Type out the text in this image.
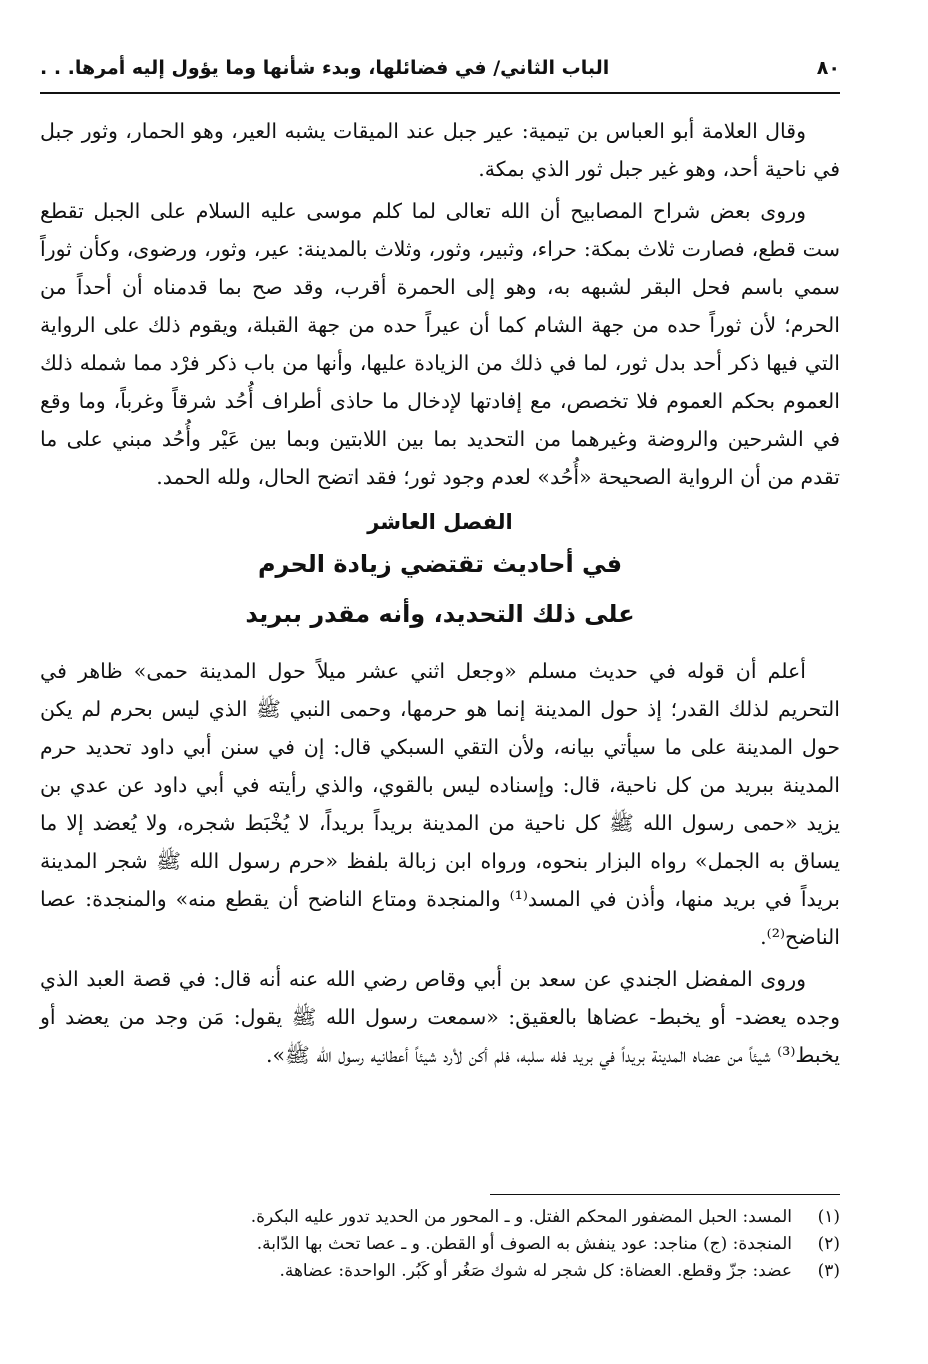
٨٠
الباب الثاني/ في فضائلها، وبدء شأنها وما يؤول إليه أمرها. . .

وقال العلامة أبو العباس بن تيمية: عير جبل عند الميقات يشبه العير، وهو الحمار، وثور جبل في ناحية أحد، وهو غير جبل ثور الذي بمكة.

وروى بعض شراح المصابيح أن الله تعالى لما كلم موسى عليه السلام على الجبل تقطع ست قطع، فصارت ثلاث بمكة: حراء، وثبير، وثور، وثلاث بالمدينة: عير، وثور، ورضوى، وكأن ثوراً سمي باسم فحل البقر لشبهه به، وهو إلى الحمرة أقرب، وقد صح بما قدمناه أن أحداً من الحرم؛ لأن ثوراً حده من جهة الشام كما أن عيراً حده من جهة القبلة، ويقوم ذلك على الرواية التي فيها ذكر أحد بدل ثور، لما في ذلك من الزيادة عليها، وأنها من باب ذكر فرْد مما شمله ذلك العموم بحكم العموم فلا تخصص، مع إفادتها لإدخال ما حاذى أطراف أُحُد شرقاً وغرباً، وما وقع في الشرحين والروضة وغيرهما من التحديد بما بين اللابتين وبما بين عَيْر وأُحُد مبني على ما تقدم من أن الرواية الصحيحة «أُحُد» لعدم وجود ثور؛ فقد اتضح الحال، ولله الحمد.

الفصل العاشر
في أحاديث تقتضي زيادة الحرم
على ذلك التحديد، وأنه مقدر ببريد

أعلم أن قوله في حديث مسلم «وجعل اثني عشر ميلاً حول المدينة حمى» ظاهر في التحريم لذلك القدر؛ إذ حول المدينة إنما هو حرمها، وحمى النبي ﷺ الذي ليس بحرم لم يكن حول المدينة على ما سيأتي بيانه، ولأن التقي السبكي قال: إن في سنن أبي داود تحديد حرم المدينة ببريد من كل ناحية، قال: وإسناده ليس بالقوي، والذي رأيته في أبي داود عن عدي بن يزيد «حمى رسول الله ﷺ كل ناحية من المدينة بريداً بريداً، لا يُخْبَط شجره، ولا يُعضد إلا ما يساق به الجمل» رواه البزار بنحوه، ورواه ابن زبالة بلفظ «حرم رسول الله ﷺ شجر المدينة بريداً في بريد منها، وأذن في المسد⁽¹⁾ والمنجدة ومتاع الناضح أن يقطع منه» والمنجدة: عصا الناضح⁽²⁾.

وروى المفضل الجندي عن سعد بن أبي وقاص رضي الله عنه أنه قال: في قصة العبد الذي وجده يعضد- أو يخبط- عضاها بالعقيق: «سمعت رسول الله ﷺ يقول: مَن وجد من يعضد أو يخبط⁽³⁾ شيئاً من عضاه المدينة بريداً في بريد فله سلبه، فلم أكن لأرد شيئاً أعطانيه رسول الله ﷺ».

(١)
المسد: الحبل المضفور المحكم الفتل. و ـ المحور من الحديد تدور عليه البكرة.
(٢)
المنجدة: (ج) مناجد: عود ينفش به الصوف أو القطن. و ـ عصا تحث بها الدّابة.
(٣)
عضد: جزّ وقطع. العضاة: كل شجر له شوك صَغُر أو كَبُر. الواحدة: عضاهة.
